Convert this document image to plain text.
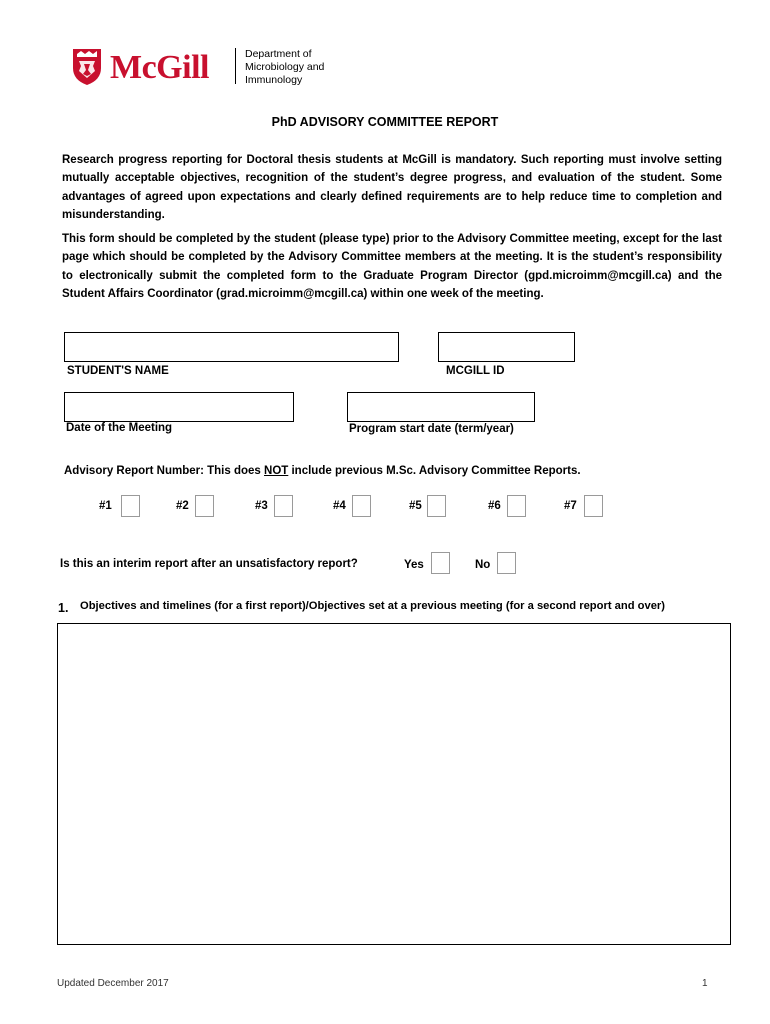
McGill	Department of
Microbiology and
Immunology
PhD ADVISORY COMMITTEE REPORT
Research progress reporting for Doctoral thesis students at McGill is mandatory. Such reporting must involve setting mutually acceptable objectives, recognition of the student’s degree progress, and evaluation of the student. Some advantages of agreed upon expectations and clearly defined requirements are to help reduce time to completion and misunderstanding.
This form should be completed by the student (please type) prior to the Advisory Committee meeting, except for the last page which should be completed by the Advisory Committee members at the meeting. It is the student’s responsibility to electronically submit the completed form to the Graduate Program Director (gpd.microimm@mcgill.ca) and the Student Affairs Coordinator (grad.microimm@mcgill.ca) within one week of the meeting.
STUDENT'S NAME	MCGILL ID
Date of the Meeting	Program start date (term/year)
Advisory Report Number: This does NOT include previous M.Sc. Advisory Committee Reports.
#1	#2	#3	#4	#5	#6	#7
Is this an interim report after an unsatisfactory report?	Yes	No
1. Objectives and timelines (for a first report)/Objectives set at a previous meeting (for a second report and over)
Updated December 2017	1
